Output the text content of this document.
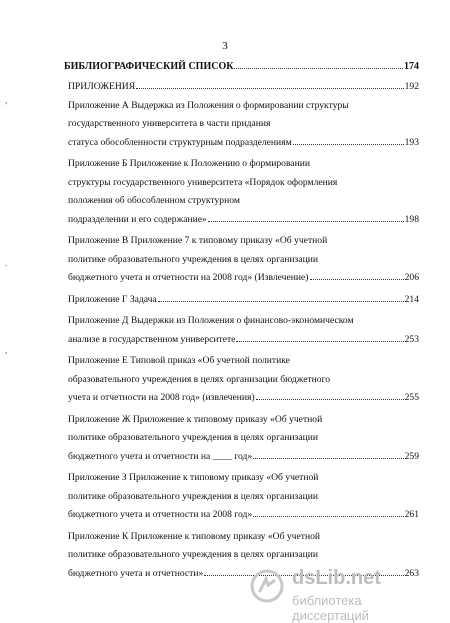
3
БИБЛИОГРАФИЧЕСКИЙ СПИСОК	174
ПРИЛОЖЕНИЯ	192
Приложение А Выдержка из Положения о формировании структуры
государственного университета в части придания
статуса обособленности структурным подразделениям	193
Приложение Б Приложение к Положению о формировании
структуры государственного университета «Порядок оформления
положения об обособленном структурном
подразделении и его содержание»	198
Приложение В Приложение 7 к типовому приказу «Об учетной
политике образовательного учреждения в целях организации
бюджетного учета и отчетности на 2008 год» (Извлечение)	206
Приложение Г Задача	214
Приложение Д Выдержки из Положения о финансово-экономическом
анализе в государственном университете	253
Приложение Е Типовой приказ «Об учетной политике
образовательного учреждения в целях организации бюджетного
учета и отчетности на 2008 год» (извлечения)	255
Приложение Ж Приложение к типовому приказу «Об учетной
политике образовательного учреждения в целях организации
бюджетного учета и отчетности на ____ год»	259
Приложение З Приложение к типовому приказу «Об учетной
политике образовательного учреждения в целях организации
бюджетного учета и отчетности на 2008 год»	261
Приложение К Приложение к типовому приказу «Об учетной
политике образовательного учреждения в целях организации
бюджетного учета и отчетности»	263
,
.
,
dsLib.net
библиотека диссертаций
